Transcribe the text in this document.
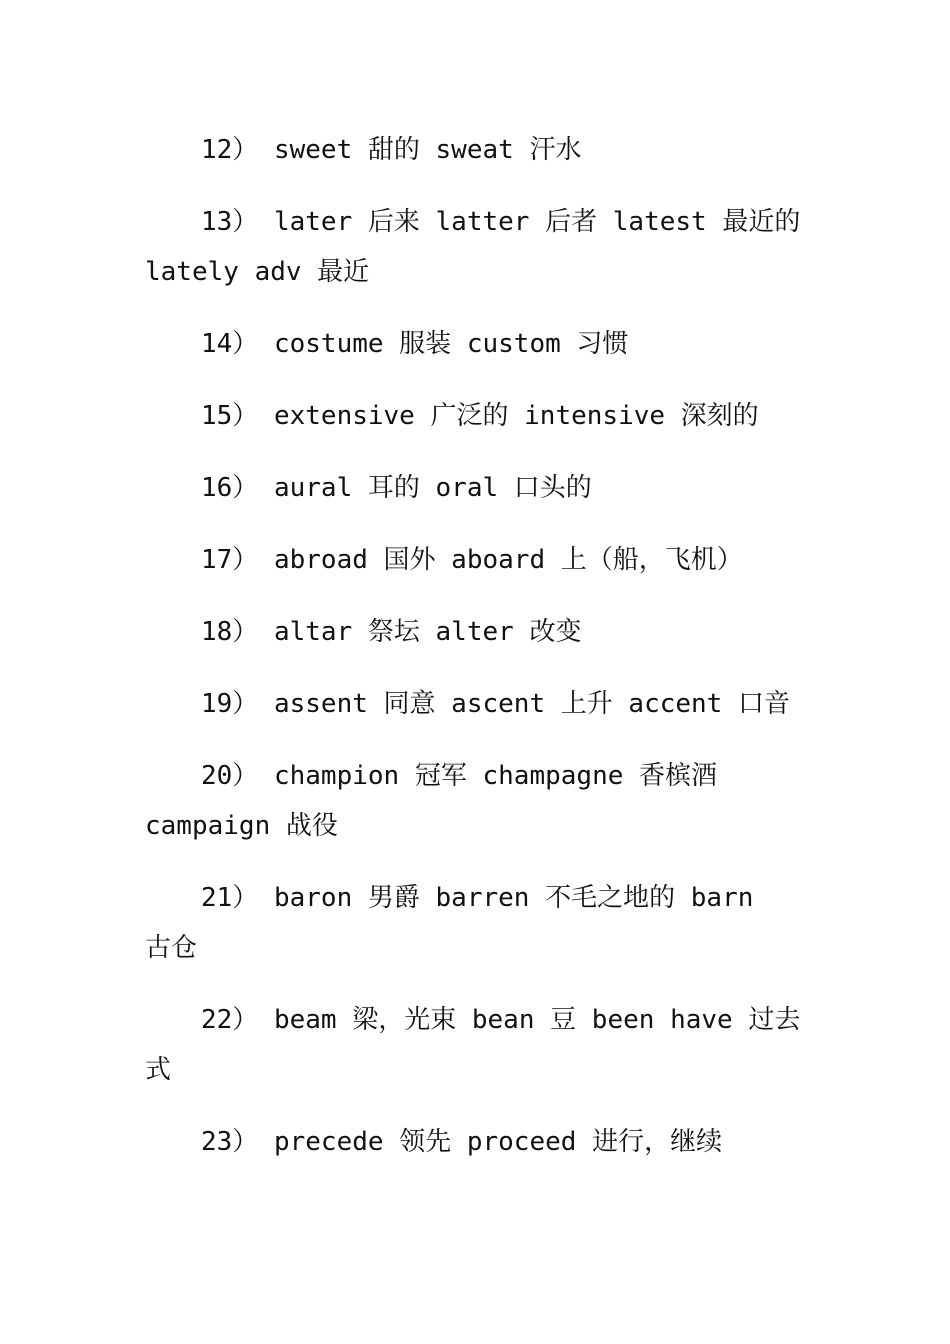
12） sweet 甜的 sweat 汗水
13） later 后来 latter 后者 latest 最近的
lately adv 最近
14） costume 服装 custom 习惯
15） extensive 广泛的 intensive 深刻的
16） aural 耳的 oral 口头的
17） abroad 国外 aboard 上（船，飞机）
18） altar 祭坛 alter 改变
19） assent 同意 ascent 上升 accent 口音
20） champion 冠军 champagne 香槟酒
campaign 战役
21） baron 男爵 barren 不毛之地的 barn
古仓
22） beam 梁，光束 bean 豆 been have 过去
式
23） precede 领先 proceed 进行，继续
